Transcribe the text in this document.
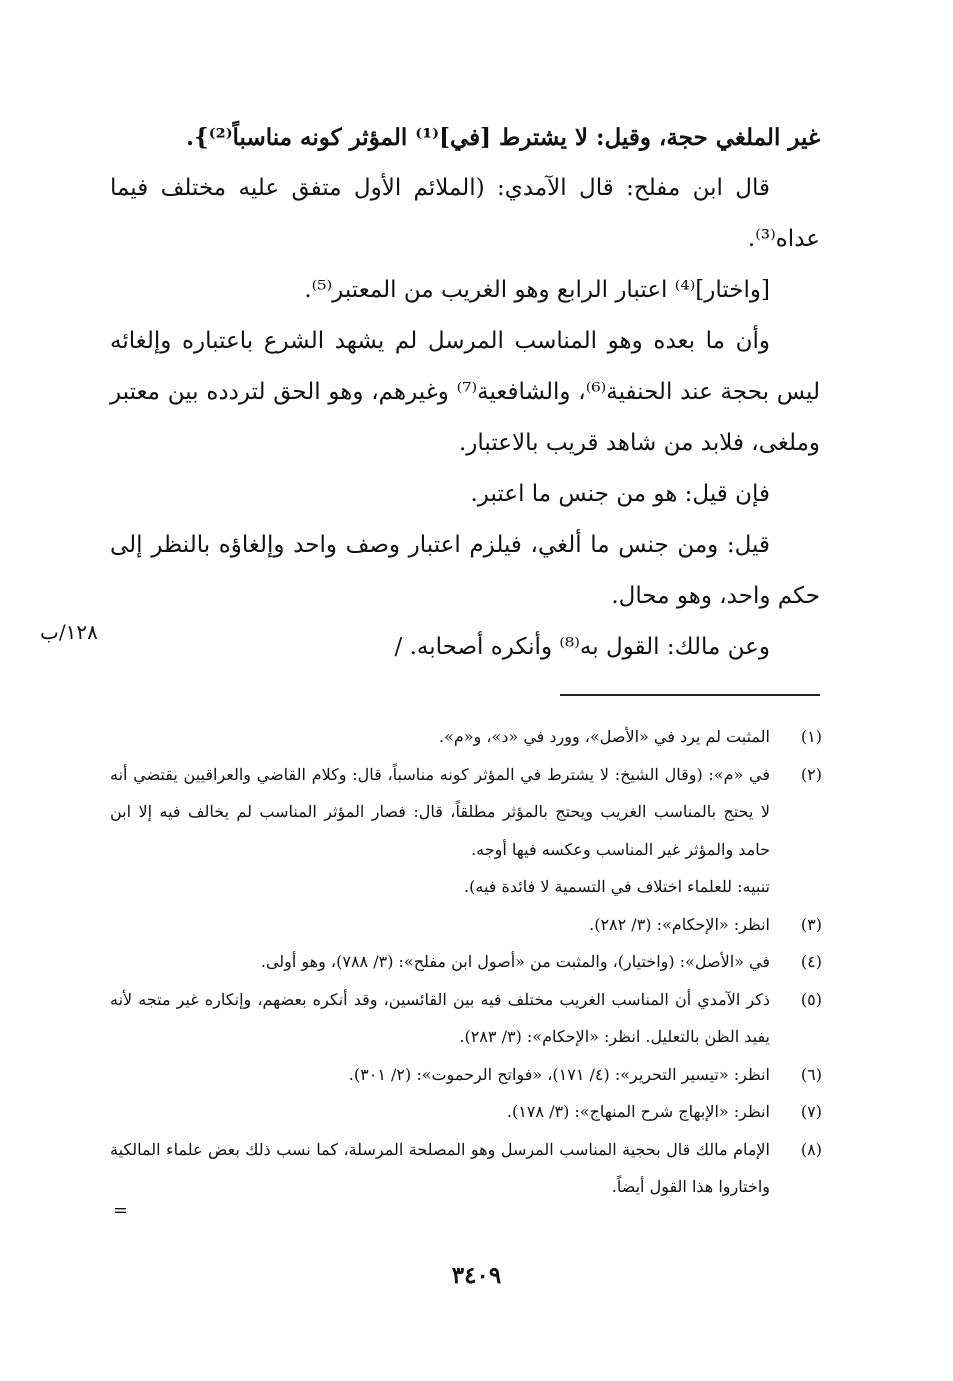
غير الملغي حجة، وقيل: لا يشترط [في]⁽¹⁾ المؤثر كونه مناسباً⁽²⁾}.

قال ابن مفلح: قال الآمدي: (الملائم الأول متفق عليه مختلف فيما عداه⁽³⁾.

[واختار]⁽⁴⁾ اعتبار الرابع وهو الغريب من المعتبر⁽⁵⁾.

وأن ما بعده وهو المناسب المرسل لم يشهد الشرع باعتباره وإلغائه ليس بحجة عند الحنفية⁽⁶⁾، والشافعية⁽⁷⁾ وغيرهم، وهو الحق لتردده بين معتبر وملغى، فلابد من شاهد قريب بالاعتبار.

فإن قيل: هو من جنس ما اعتبر.

قيل: ومن جنس ما ألغي، فيلزم اعتبار وصف واحد وإلغاؤه بالنظر إلى حكم واحد، وهو محال.

وعن مالك: القول به⁽⁸⁾ وأنكره أصحابه. /

١٢٨/ب
(١)
المثبت لم يرد في «الأصل»، وورد في «د»، و«م».
(٢)
في «م»: (وقال الشيخ: لا يشترط في المؤثر كونه مناسباً، قال: وكلام القاضي والعراقيين يقتضي أنه لا يحتج بالمناسب الغريب ويحتج بالمؤثر مطلقاً، قال: فصار المؤثر المناسب لم يخالف فيه إلا ابن حامد والمؤثر غير المناسب وعكسه فيها أوجه.
تنبيه: للعلماء اختلاف في التسمية لا فائدة فيه).
(٣)
انظر: «الإحكام»: (٣/ ٢٨٢).
(٤)
في «الأصل»: (واختيار)، والمثبت من «أصول ابن مفلح»: (٣/ ٧٨٨)، وهو أولى.
(٥)
ذكر الآمدي أن المناسب الغريب مختلف فيه بين القائسين، وقد أنكره بعضهم، وإنكاره غير متجه لأنه يفيد الظن بالتعليل. انظر: «الإحكام»: (٣/ ٢٨٣).
(٦)
انظر: «تيسير التحرير»: (٤/ ١٧١)، «فواتح الرحموت»: (٢/ ٣٠١).
(٧)
انظر: «الإبهاج شرح المنهاج»: (٣/ ١٧٨).
(٨)
الإمام مالك قال بحجية المناسب المرسل وهو المصلحة المرسلة، كما نسب ذلك بعض علماء المالكية واختاروا هذا القول أيضاً.
=
٣٤٠٩
